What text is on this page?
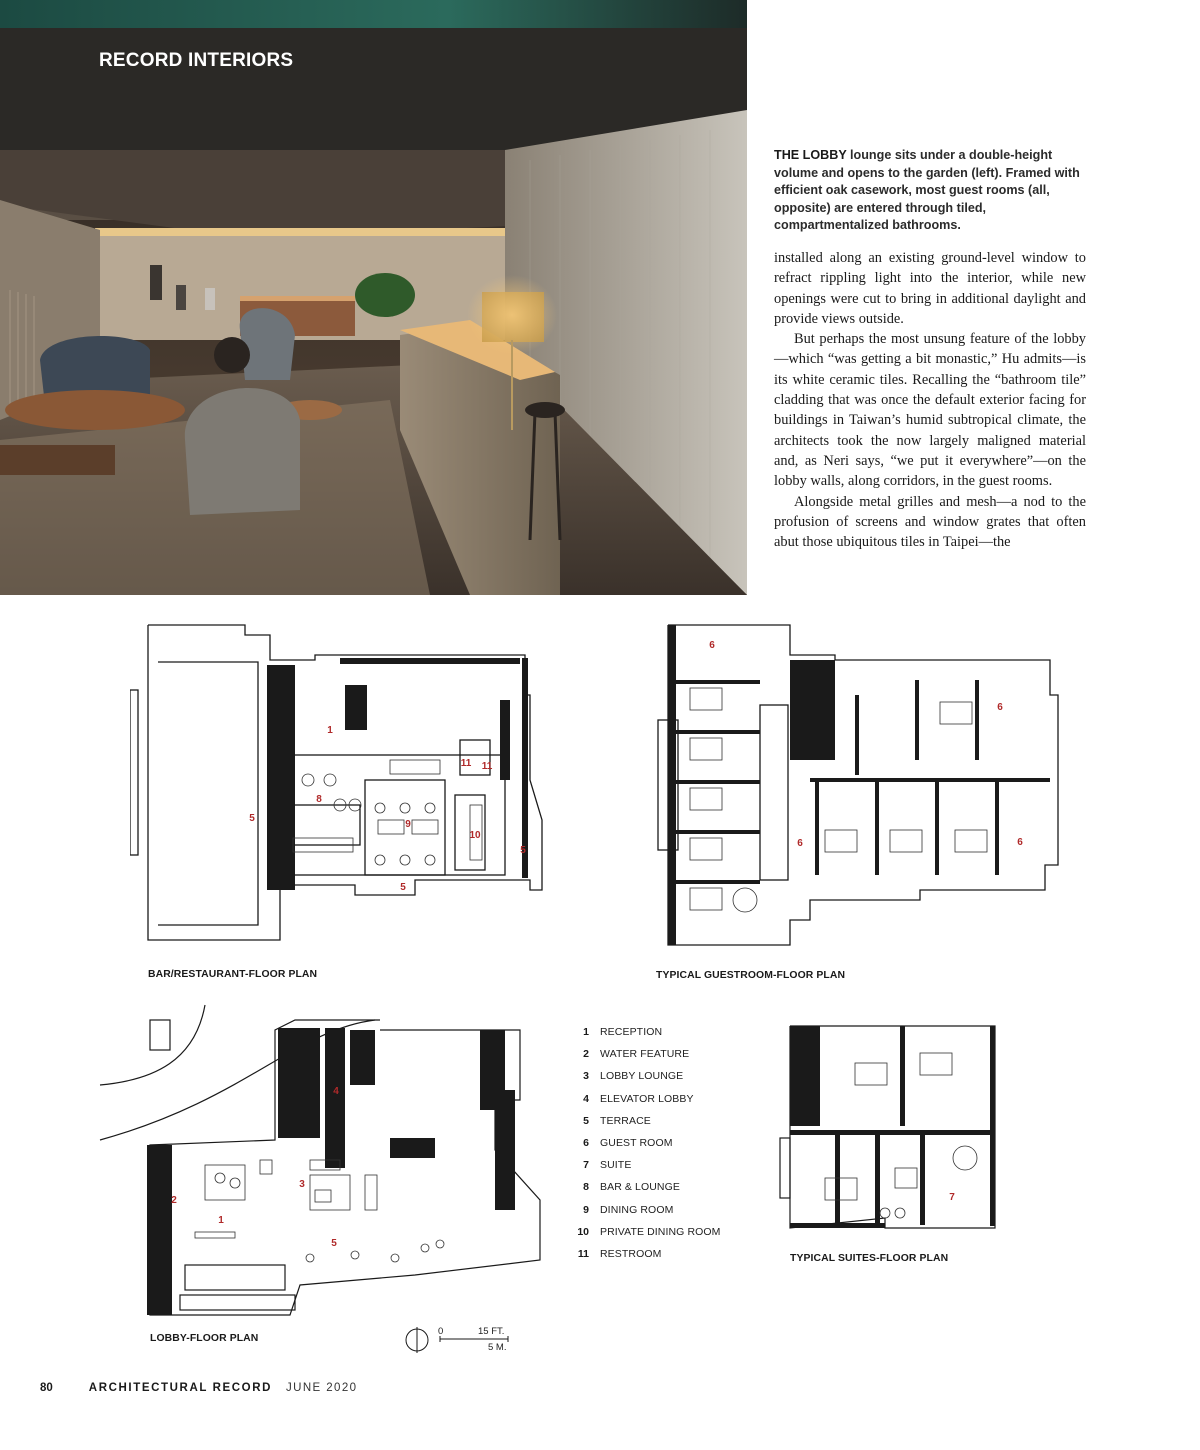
RECORD INTERIORS
THE LOBBY lounge sits under a double-height volume and opens to the garden (left). Framed with efficient oak casework, most guest rooms (all, opposite) are entered through tiled, compartmentalized bathrooms.

installed along an existing ground-level window to refract rippling light into the interior, while new openings were cut to bring in additional daylight and provide views outside.

But perhaps the most unsung feature of the lobby—which “was getting a bit monastic,” Hu admits—is its white ceramic tiles. Recalling the “bathroom tile” cladding that was once the default exterior facing for buildings in Taiwan’s humid subtropical climate, the architects took the now largely maligned material and, as Neri says, “we put it everywhere”—on the lobby walls, along corridors, in the guest rooms.

Alongside metal grilles and mesh—a nod to the profusion of screens and window grates that often abut those ubiquitous tiles in Taipei—the

1
8
9
10
11 11
5
5
5
BAR/RESTAURANT-FLOOR PLAN
6
6
6	6
TYPICAL GUESTROOM-FLOOR PLAN
4
2
1
3
5
LOBBY-FLOOR PLAN
7
TYPICAL SUITES-FLOOR PLAN
1 RECEPTION
2 WATER FEATURE
3 LOBBY LOUNGE
4 ELEVATOR LOBBY
5 TERRACE
6 GUEST ROOM
7 SUITE
8 BAR & LOUNGE
9 DINING ROOM
10 PRIVATE DINING ROOM
11 RESTROOM
0	15 FT.
5 M.
80	ARCHITECTURAL RECORD JUNE 2020
